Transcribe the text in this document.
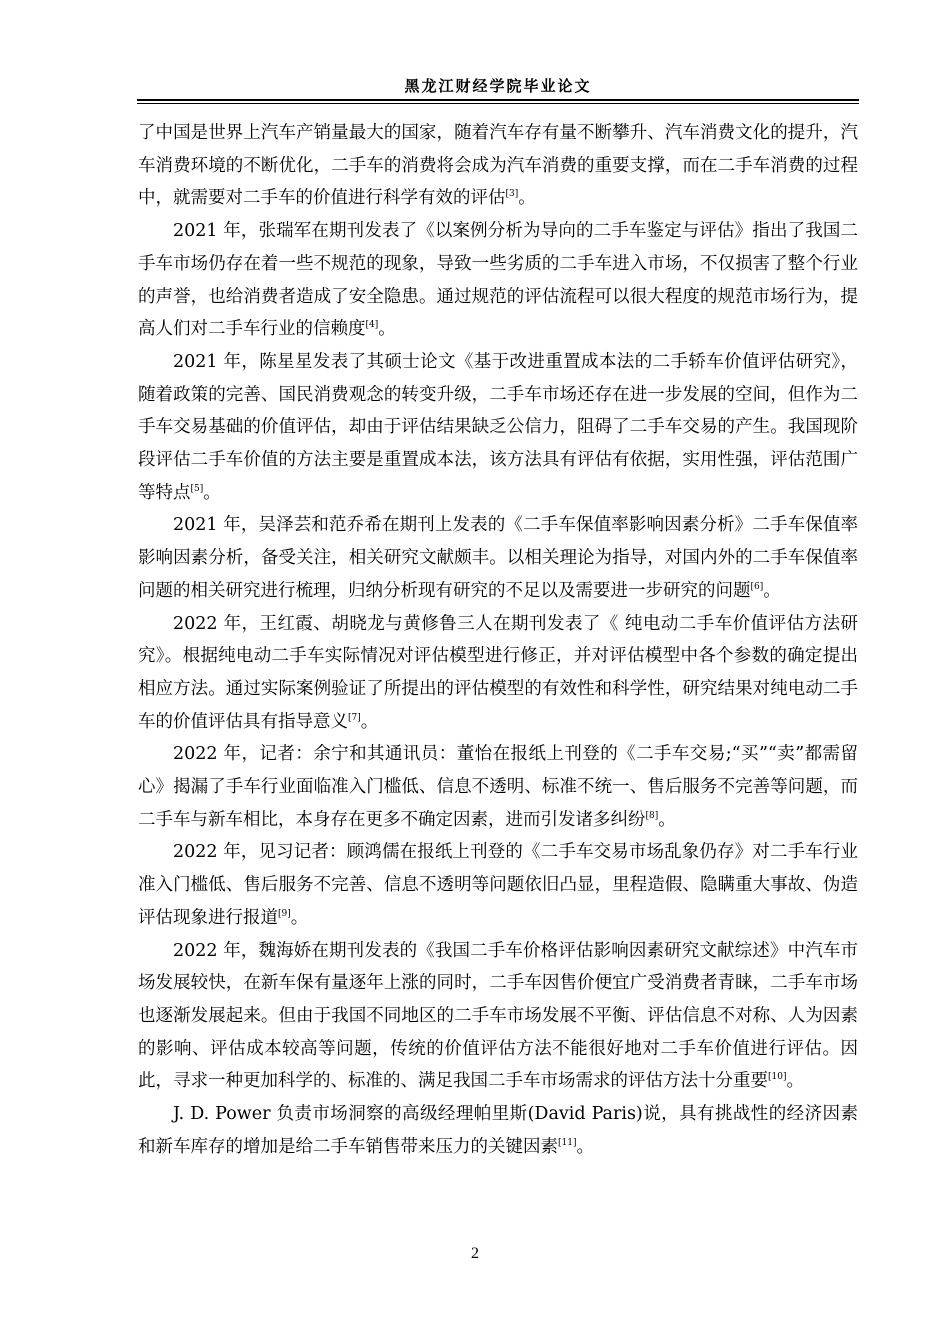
黑龙江财经学院毕业论文

了中国是世界上汽车产销量最大的国家，随着汽车存有量不断攀升、汽车消费文化的提升，汽车消费环境的不断优化，二手车的消费将会成为汽车消费的重要支撑，而在二手车消费的过程中，就需要对二手车的价值进行科学有效的评估[3]。

2021 年，张瑞军在期刊发表了《以案例分析为导向的二手车鉴定与评估》指出了我国二手车市场仍存在着一些不规范的现象，导致一些劣质的二手车进入市场，不仅损害了整个行业的声誉，也给消费者造成了安全隐患。通过规范的评估流程可以很大程度的规范市场行为，提高人们对二手车行业的信赖度[4]。

2021 年，陈星星发表了其硕士论文《基于改进重置成本法的二手轿车价值评估研究》，随着政策的完善、国民消费观念的转变升级，二手车市场还存在进一步发展的空间，但作为二手车交易基础的价值评估，却由于评估结果缺乏公信力，阻碍了二手车交易的产生。我国现阶段评估二手车价值的方法主要是重置成本法，该方法具有评估有依据，实用性强，评估范围广等特点[5]。

2021 年，吴泽芸和范乔希在期刊上发表的《二手车保值率影响因素分析》二手车保值率影响因素分析，备受关注，相关研究文献颇丰。以相关理论为指导，对国内外的二手车保值率问题的相关研究进行梳理，归纳分析现有研究的不足以及需要进一步研究的问题[6]。

2022 年，王红霞、胡晓龙与黄修鲁三人在期刊发表了《 纯电动二手车价值评估方法研究》。根据纯电动二手车实际情况对评估模型进行修正，并对评估模型中各个参数的确定提出相应方法。通过实际案例验证了所提出的评估模型的有效性和科学性，研究结果对纯电动二手车的价值评估具有指导意义[7]。

2022 年，记者：余宁和其通讯员：董怡在报纸上刊登的《二手车交易;“买”“卖”都需留心》揭漏了手车行业面临准入门槛低、信息不透明、标准不统一、售后服务不完善等问题，而二手车与新车相比，本身存在更多不确定因素，进而引发诸多纠纷[8]。

2022 年，见习记者：顾鸿儒在报纸上刊登的《二手车交易市场乱象仍存》对二手车行业准入门槛低、售后服务不完善、信息不透明等问题依旧凸显，里程造假、隐瞒重大事故、伪造评估现象进行报道[9]。

2022 年，魏海娇在期刊发表的《我国二手车价格评估影响因素研究文献综述》中汽车市场发展较快，在新车保有量逐年上涨的同时，二手车因售价便宜广受消费者青睐，二手车市场也逐渐发展起来。但由于我国不同地区的二手车市场发展不平衡、评估信息不对称、人为因素的影响、评估成本较高等问题，传统的价值评估方法不能很好地对二手车价值进行评估。因此，寻求一种更加科学的、标准的、满足我国二手车市场需求的评估方法十分重要[10]。

J. D. Power 负责市场洞察的高级经理帕里斯(David Paris)说，具有挑战性的经济因素和新车库存的增加是给二手车销售带来压力的关键因素[11]。

2
